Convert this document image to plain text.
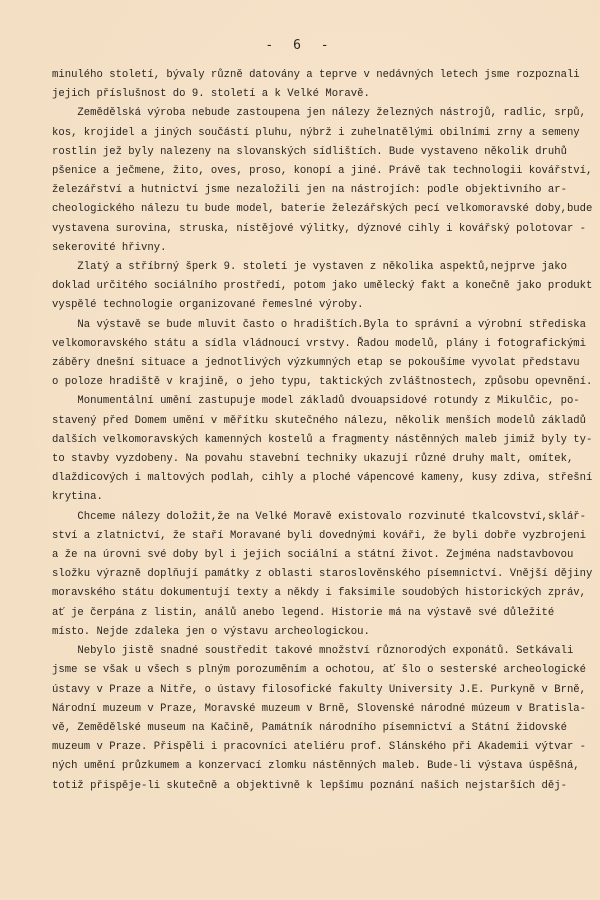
- 6 -

minulého století, bývaly různě datovány a teprve v nedávných letech jsme rozpoznali
jejich příslušnost do 9. století a k Velké Moravě.

Zemědělská výroba nebude zastoupena jen nálezy železných nástrojů, radlic, srpů,
kos, krojidel a jiných součástí pluhu, nýbrž i zuhelnatělými obilními zrny a semeny
rostlin jež byly nalezeny na slovanských sídlištích. Bude vystaveno několik druhů
pšenice a ječmene, žito, oves, proso, konopí a jiné. Právě tak technologii kovářství,
železářství a hutnictví jsme nezaložili jen na nástrojích: podle objektivního ar-
cheologického nálezu tu bude model, baterie železářských pecí velkomoravské doby,bude
vystavena surovina, struska, nístějové výlitky, dýznové cihly i kovářský polotovar -
sekerovité hřivny.

Zlatý a stříbrný šperk 9. století je vystaven z několika aspektů,nejprve jako
doklad určitého sociálního prostředí, potom jako umělecký fakt a konečně jako produkt
vyspělé technologie organizované řemeslné výroby.

Na výstavě se bude mluvit často o hradištích.Byla to správní a výrobní střediska
velkomoravského státu a sídla vládnoucí vrstvy. Řadou modelů, plány i fotografickými
záběry dnešní situace a jednotlivých výzkumných etap se pokoušíme vyvolat představu
o poloze hradiště v krajině, o jeho typu, taktických zvláštnostech, způsobu opevnění.

Monumentální umění zastupuje model základů dvouapsidové rotundy z Mikulčic, po-
stavený před Domem umění v měřítku skutečného nálezu, několik menších modelů základů
dalších velkomoravských kamenných kostelů a fragmenty nástěnných maleb jimiž byly ty-
to stavby vyzdobeny. Na povahu stavební techniky ukazují různé druhy malt, omítek,
dlaždicových i maltových podlah, cihly a ploché vápencové kameny, kusy zdiva, střešní
krytina.

Chceme nálezy doložit,že na Velké Moravě existovalo rozvinuté tkalcovství,sklář-
ství a zlatnictví, že staří Moravané byli dovednými kováři, že byli dobře vyzbrojeni
a že na úrovni své doby byl i jejich sociální a státní život. Zejména nadstavbovou
složku výrazně doplňují památky z oblasti staroslověnského písemnictví. Vnější dějiny
moravského státu dokumentují texty a někdy i faksimile soudobých historických zpráv,
ať je čerpána z listin, análů anebo legend. Historie má na výstavě své důležité
místo. Nejde zdaleka jen o výstavu archeologickou.

Nebylo jistě snadné soustředit takové množství různorodých exponátů. Setkávali
jsme se však u všech s plným porozuměním a ochotou, ať šlo o sesterské archeologické
ústavy v Praze a Nitře, o ústavy filosofické fakulty University J.E. Purkyně v Brně,
Národní muzeum v Praze, Moravské muzeum v Brně, Slovenské národné múzeum v Bratisla-
vě, Zemědělské museum na Kačině, Památník národního písemnictví a Státní židovské
muzeum v Praze. Přispěli i pracovníci ateliéru prof. Slánského při Akademii výtvar -
ných umění průzkumem a konzervací zlomku nástěnných maleb. Bude-li výstava úspěšná,
totiž přispěje-li skutečně a objektivně k lepšímu poznání našich nejstarších děj-
